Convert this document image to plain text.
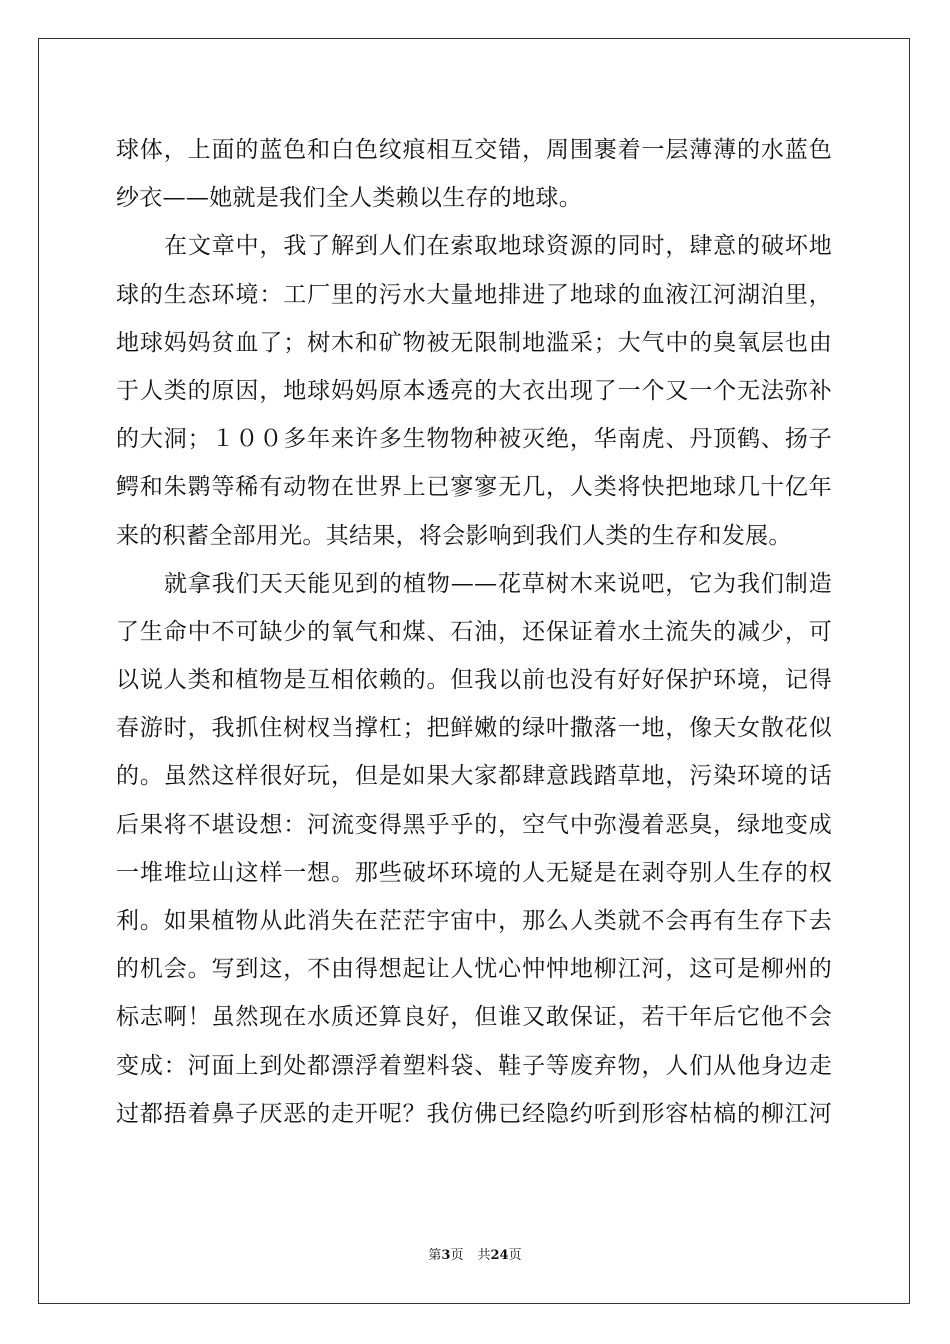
球体，上面的蓝色和白色纹痕相互交错，周围裹着一层薄薄的水蓝色
纱衣——她就是我们全人类赖以生存的地球。
在文章中，我了解到人们在索取地球资源的同时，肆意的破坏地
球的生态环境：工厂里的污水大量地排进了地球的血液江河湖泊里，
地球妈妈贫血了；树木和矿物被无限制地滥采；大气中的臭氧层也由
于人类的原因，地球妈妈原本透亮的大衣出现了一个又一个无法弥补
的大洞；１００多年来许多生物物种被灭绝，华南虎、丹顶鹤、扬子
鳄和朱鹮等稀有动物在世界上已寥寥无几，人类将快把地球几十亿年
来的积蓄全部用光。其结果，将会影响到我们人类的生存和发展。
就拿我们天天能见到的植物——花草树木来说吧，它为我们制造
了生命中不可缺少的氧气和煤、石油，还保证着水土流失的减少，可
以说人类和植物是互相依赖的。但我以前也没有好好保护环境，记得
春游时，我抓住树杈当撑杠；把鲜嫩的绿叶撒落一地，像天女散花似
的。虽然这样很好玩，但是如果大家都肆意践踏草地，污染环境的话
后果将不堪设想：河流变得黑乎乎的，空气中弥漫着恶臭，绿地变成
一堆堆垃山这样一想。那些破坏环境的人无疑是在剥夺别人生存的权
利。如果植物从此消失在茫茫宇宙中，那么人类就不会再有生存下去
的机会。写到这，不由得想起让人忧心忡忡地柳江河，这可是柳州的
标志啊！虽然现在水质还算良好，但谁又敢保证，若干年后它他不会
变成：河面上到处都漂浮着塑料袋、鞋子等废弃物，人们从他身边走
过都捂着鼻子厌恶的走开呢？我仿佛已经隐约听到形容枯槁的柳江河
第3页 共24页
